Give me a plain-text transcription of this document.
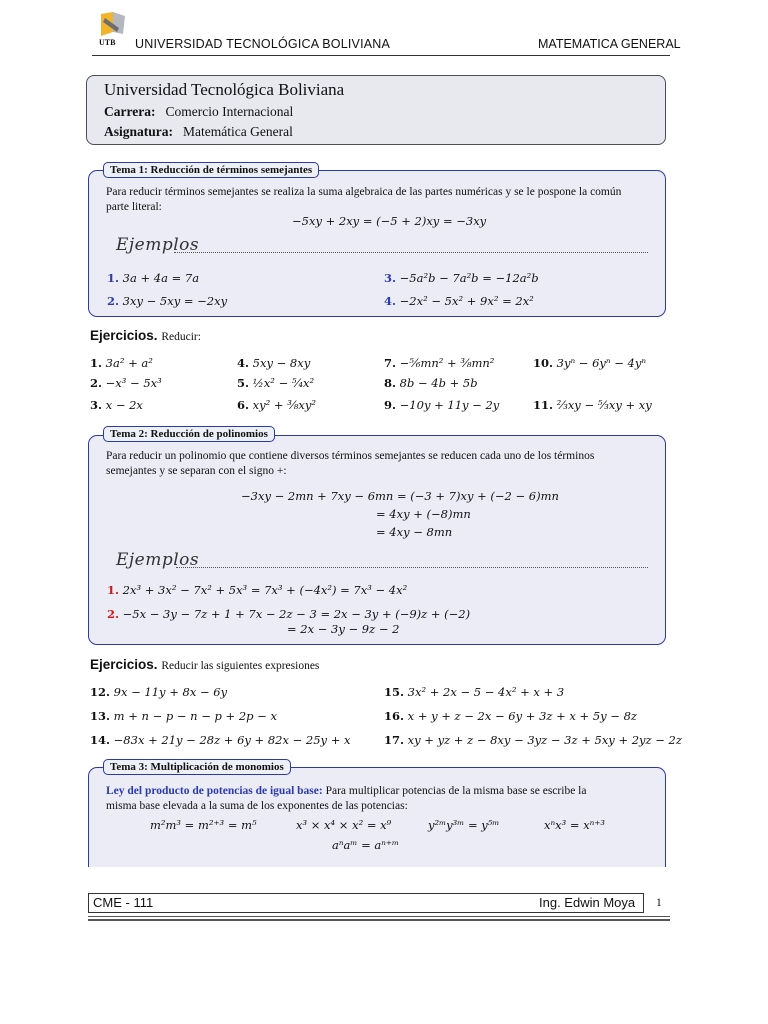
UTB UNIVERSIDAD TECNOLÓGICA BOLIVIANA	MATEMATICA GENERAL
Universidad Tecnológica Boliviana
Carrera: Comercio Internacional
Asignatura: Matemática General
Tema 1: Reducción de términos semejantes
Para reducir términos semejantes se realiza la suma algebraica de las partes numéricas y se le pospone la común
parte literal:
−5xy + 2xy = (−5 + 2)xy = −3xy
Ejemplos
1. 3a + 4a = 7a
2. 3xy − 5xy = −2xy
3. −5a²b − 7a²b = −12a²b
4. −2x² − 5x² + 9x² = 2x²
Ejercicios. Reducir:
1. 3a² + a²
2. −x³ − 5x³
3. x − 2x
4. 5xy − 8xy
5. ½x² − ⁵⁄₄x²
6. xy² + ³⁄₈xy²
7. −⁵⁄₆mn² + ³⁄₈mn²
8. 8b − 4b + 5b
9. −10y + 11y − 2y
10. 3yⁿ − 6yⁿ − 4yⁿ
11. ²⁄₃xy − ⁵⁄₃xy + xy
Tema 2: Reducción de polinomios
Para reducir un polinomio que contiene diversos términos semejantes se reducen cada uno de los términos
semejantes y se separan con el signo +:
−3xy − 2mn + 7xy − 6mn = (−3 + 7)xy + (−2 − 6)mn
= 4xy + (−8)mn
= 4xy − 8mn
Ejemplos
1. 2x³ + 3x² − 7x² + 5x³ = 7x³ + (−4x²) = 7x³ − 4x²
2. −5x − 3y − 7z + 1 + 7x − 2z − 3 = 2x − 3y + (−9)z + (−2)
= 2x − 3y − 9z − 2
Ejercicios. Reducir las siguientes expresiones
12. 9x − 11y + 8x − 6y
13. m + n − p − n − p + 2p − x
14. −83x + 21y − 28z + 6y + 82x − 25y + x
15. 3x² + 2x − 5 − 4x² + x + 3
16. x + y + z − 2x − 6y + 3z + x + 5y − 8z
17. xy + yz + z − 8xy − 3yz − 3z + 5xy + 2yz − 2z
Tema 3: Multiplicación de monomios
Ley del producto de potencias de igual base: Para multiplicar potencias de la misma base se escribe la
misma base elevada a la suma de los exponentes de las potencias:
m²m³ = m²⁺³ = m⁵	x³ × x⁴ × x² = x⁹	y²ᵐy³ᵐ = y⁵ᵐ	xⁿx³ = xⁿ⁺³
aⁿaᵐ = aⁿ⁺ᵐ
CME - 111	Ing. Edwin Moya 1
